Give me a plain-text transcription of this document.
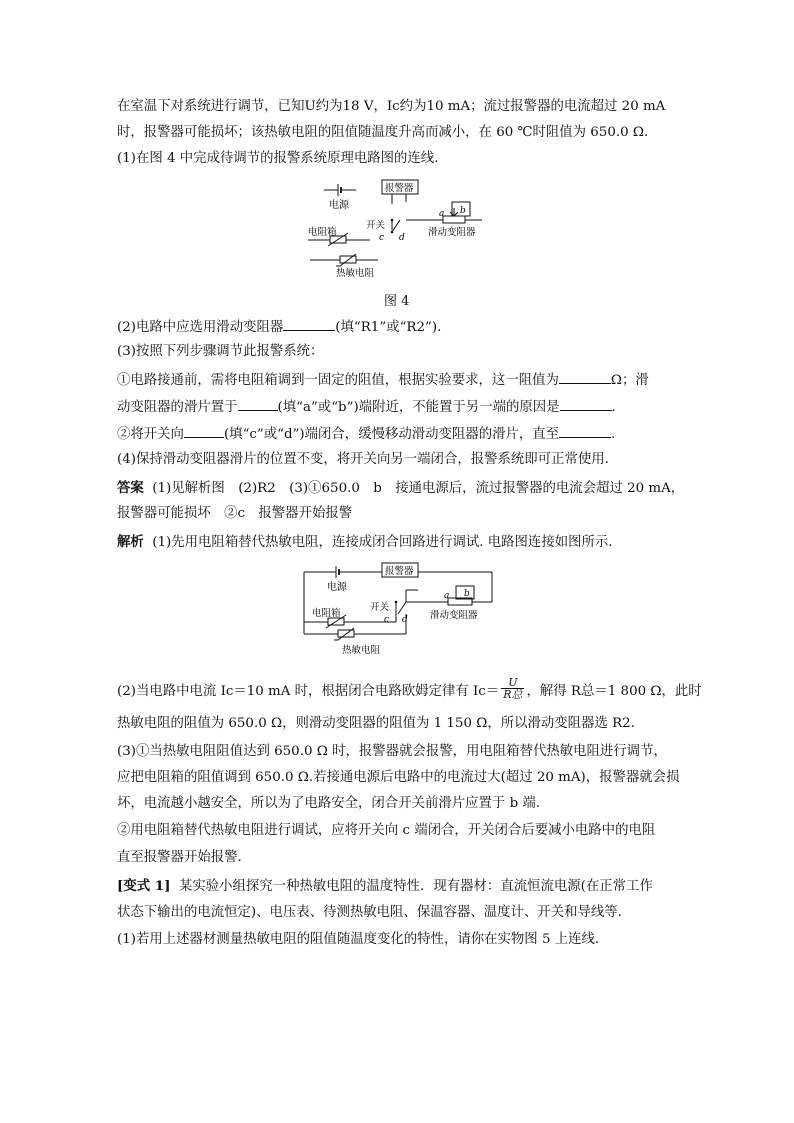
在室温下对系统进行调节，已知U约为18 V，Ic约为10 mA；流过报警器的电流超过 20 mA
时，报警器可能损坏；该热敏电阻的阻值随温度升高而减小，在 60 ℃时阻值为 650.0 Ω.
(1)在图 4 中完成待调节的报警系统原理电路图的连线.
电源
报警器
开关
c d
a b
滑动变阻器
电阻箱
热敏电阻
图 4
(2)电路中应选用滑动变阻器	(填“R1”或“R2”).
(3)按照下列步骤调节此报警系统：
①电路接通前，需将电阻箱调到一固定的阻值，根据实验要求，这一阻值为	Ω；滑
动变阻器的滑片置于	(填“a”或“b”)端附近，不能置于另一端的原因是	.
②将开关向	(填“c”或“d”)端闭合，缓慢移动滑动变阻器的滑片，直至	.
(4)保持滑动变阻器滑片的位置不变，将开关向另一端闭合，报警系统即可正常使用.
答案 (1)见解析图　(2)R2　(3)①650.0　b　接通电源后，流过报警器的电流会超过 20 mA，
报警器可能损坏　②c　报警器开始报警
解析 (1)先用电阻箱替代热敏电阻，连接成闭合回路进行调试. 电路图连接如图所示.
电源
报警器
开关
c d
a b
滑动变阻器
电阻箱
热敏电阻
(2)当电路中电流 Ic＝10 mA 时，根据闭合电路欧姆定律有 Ic＝
U
R总 ，解得 R总＝1 800 Ω，此时
热敏电阻的阻值为 650.0 Ω，则滑动变阻器的阻值为 1 150 Ω，所以滑动变阻器选 R2.
(3)①当热敏电阻阻值达到 650.0 Ω 时，报警器就会报警，用电阻箱替代热敏电阻进行调节，
应把电阻箱的阻值调到 650.0 Ω.若接通电源后电路中的电流过大(超过 20 mA)，报警器就会损
坏，电流越小越安全，所以为了电路安全，闭合开关前滑片应置于 b 端.
②用电阻箱替代热敏电阻进行调试，应将开关向 c 端闭合，开关闭合后要减小电路中的电阻
直至报警器开始报警.
[变式 1] 某实验小组探究一种热敏电阻的温度特性．现有器材：直流恒流电源(在正常工作
状态下输出的电流恒定)、电压表、待测热敏电阻、保温容器、温度计、开关和导线等．
(1)若用上述器材测量热敏电阻的阻值随温度变化的特性，请你在实物图 5 上连线．
